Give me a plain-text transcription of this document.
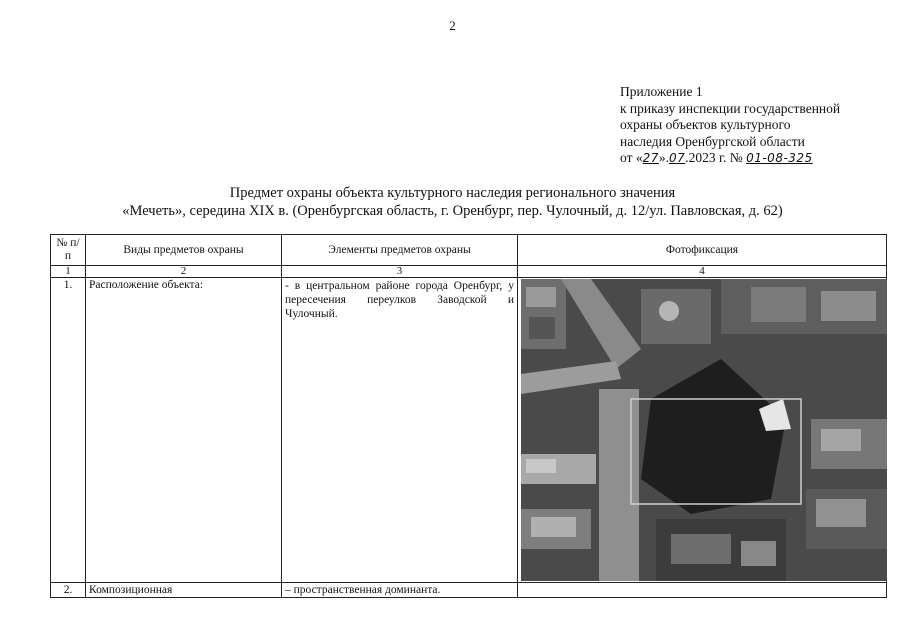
2
Приложение 1
к приказу инспекции государственной
охраны объектов культурного
наследия Оренбургской области
от «27».07.2023 г. № 01-08-325
Предмет охраны объекта культурного наследия регионального значения
«Мечеть», середина XIX в. (Оренбургская область, г. Оренбург, пер. Чулочный, д. 12/ул. Павловская, д. 62)
№ п/п	Виды предметов охраны	Элементы предметов охраны	Фотофиксация
1	2	3	4
1.	Расположение объекта:	- в центральном районе города Оренбург, у пересечения переулков Заводской и Чулочный.	

2.	Композиционная	– пространственная доминанта.	
